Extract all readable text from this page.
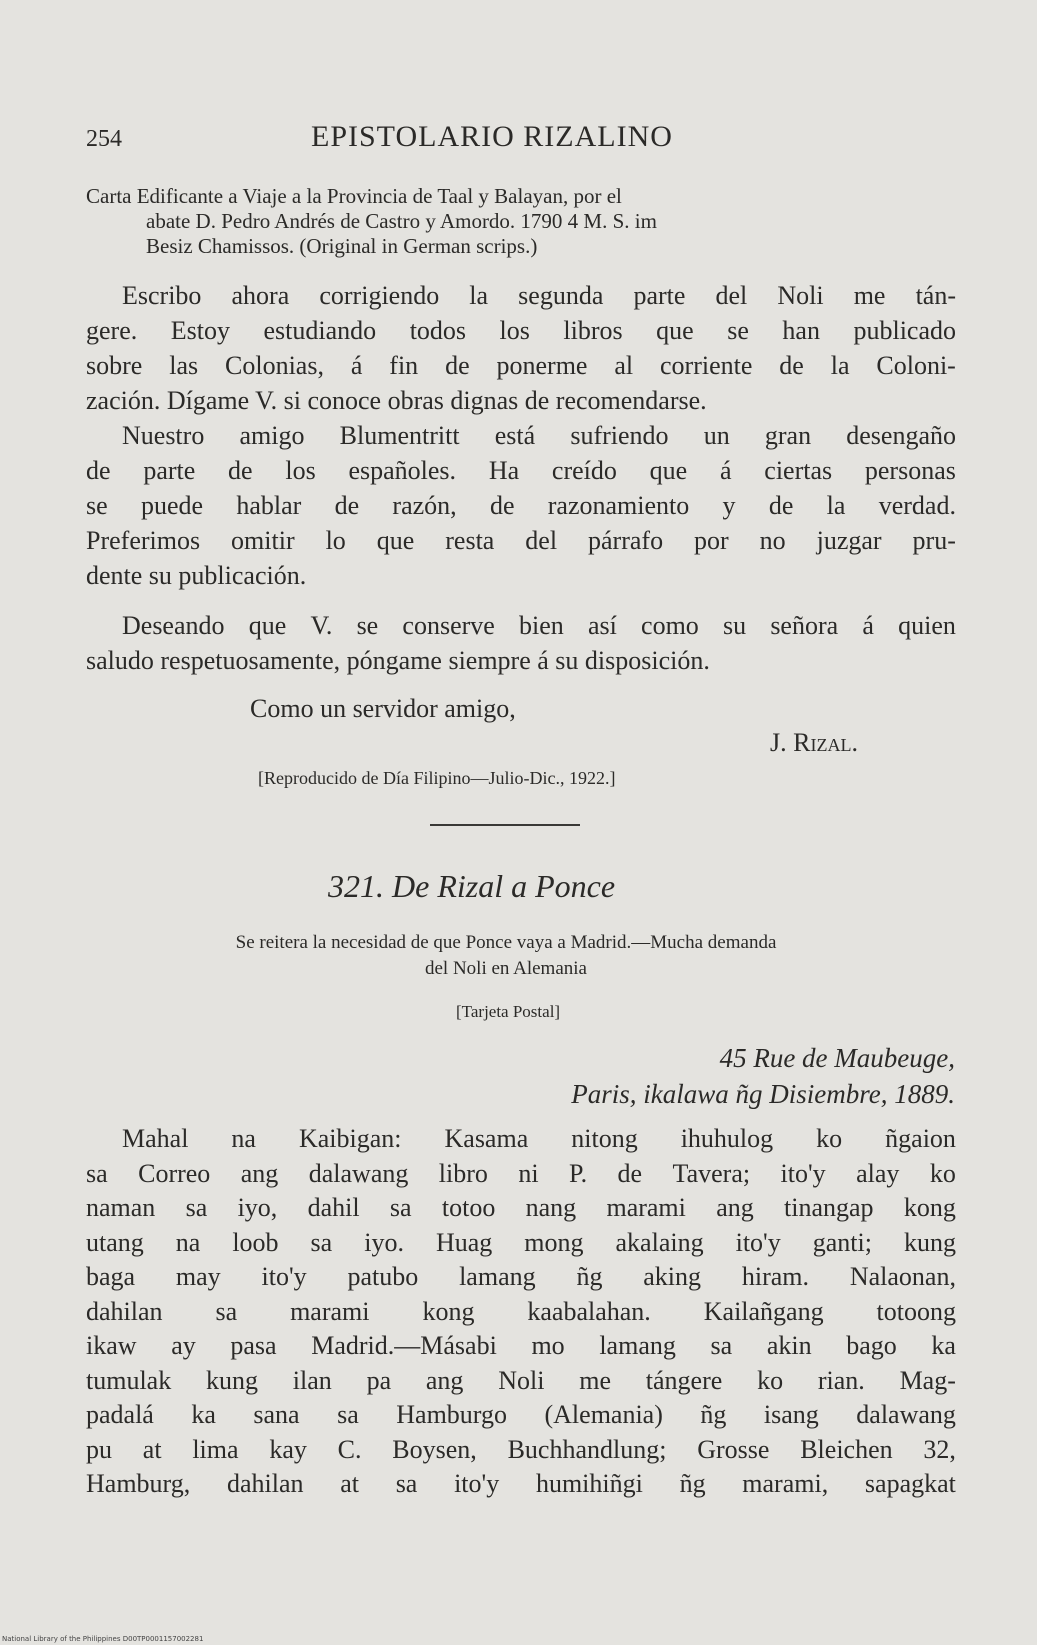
254	EPISTOLARIO RIZALINO
Carta Edificante a Viaje a la Provincia de Taal y Balayan, por el
abate D. Pedro Andrés de Castro y Amordo. 1790 4 M. S. im
Besiz Chamissos. (Original in German scrips.)
Escribo ahora corrigiendo la segunda parte del Noli me tán-
gere. Estoy estudiando todos los libros que se han publicado
sobre las Colonias, á fin de ponerme al corriente de la Coloni-
zación. Dígame V. si conoce obras dignas de recomendarse.
Nuestro amigo Blumentritt está sufriendo un gran desengaño
de parte de los españoles. Ha creído que á ciertas personas
se puede hablar de razón, de razonamiento y de la verdad.
Preferimos omitir lo que resta del párrafo por no juzgar pru-
dente su publicación.
Deseando que V. se conserve bien así como su señora á quien
saludo respetuosamente, póngame siempre á su disposición.
Como un servidor amigo,
J. Rizal.
[Reproducido de Día Filipino—Julio-Dic., 1922.]
321. De Rizal a Ponce
Se reitera la necesidad de que Ponce vaya a Madrid.—Mucha demanda
del Noli en Alemania
[Tarjeta Postal]
45 Rue de Maubeuge,
Paris, ikalawa ñg Disiembre, 1889.
Mahal na Kaibigan: Kasama nitong ihuhulog ko ñgaion
sa Correo ang dalawang libro ni P. de Tavera; ito'y alay ko
naman sa iyo, dahil sa totoo nang marami ang tinangap kong
utang na loob sa iyo. Huag mong akalaing ito'y ganti; kung
baga may ito'y patubo lamang ñg aking hiram. Nalaonan,
dahilan sa marami kong kaabalahan. Kailañgang totoong
ikaw ay pasa Madrid.—Másabi mo lamang sa akin bago ka
tumulak kung ilan pa ang Noli me tángere ko rian. Mag-
padalá ka sana sa Hamburgo (Alemania) ñg isang dalawang
pu at lima kay C. Boysen, Buchhandlung; Grosse Bleichen 32,
Hamburg, dahilan at sa ito'y humihiñgi ñg marami, sapagkat
National Library of the Philippines D00TP0001157002281
